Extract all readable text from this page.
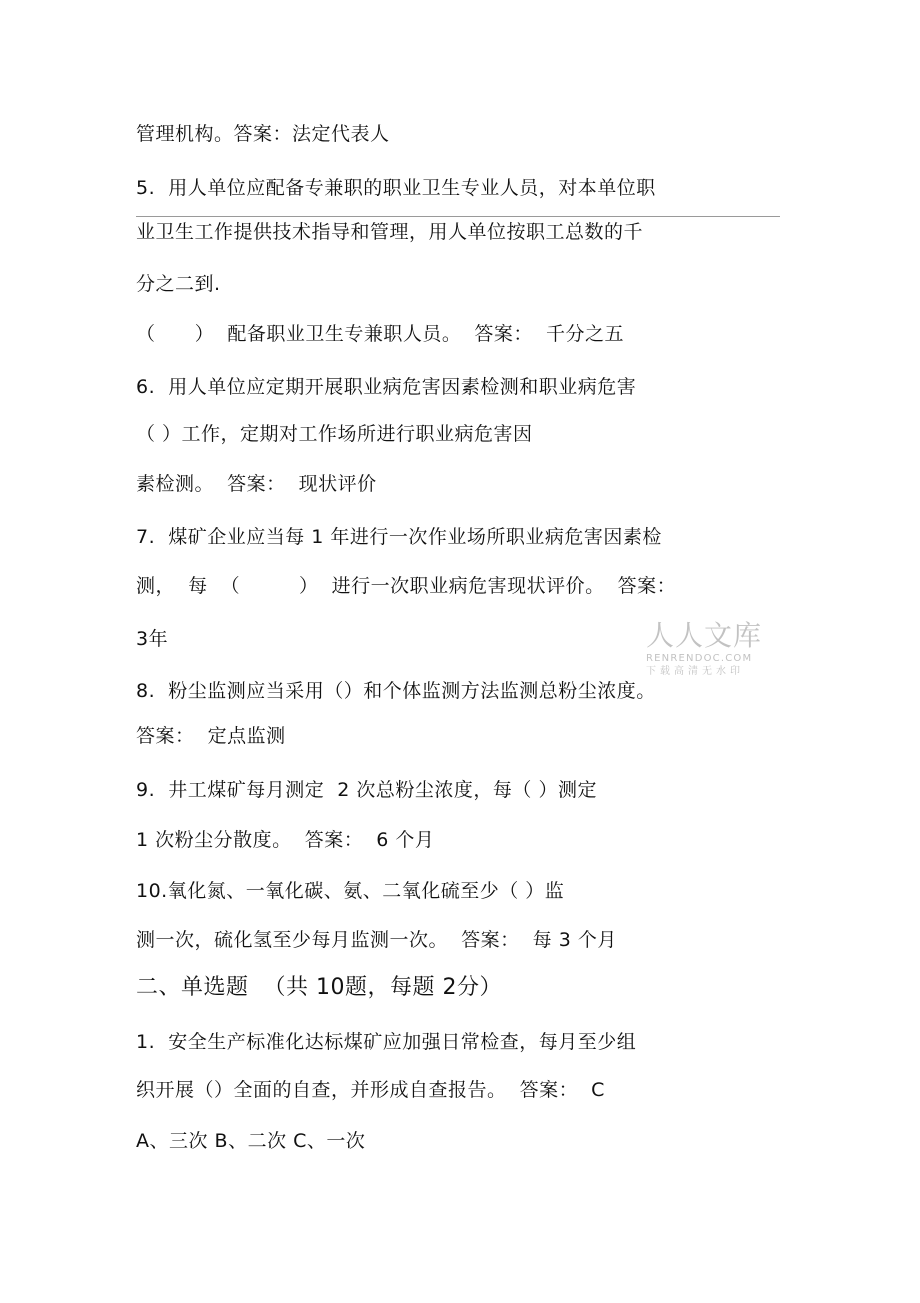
管理机构。答案：法定代表人
5.  用人单位应配备专兼职的职业卫生专业人员，对本单位职
业卫生工作提供技术指导和管理，用人单位按职工总数的千
分之二到.
（      ）  配备职业卫生专兼职人员。  答案：  千分之五
6.  用人单位应定期开展职业病危害因素检测和职业病危害
（ ）工作，定期对工作场所进行职业病危害因
素检测。  答案：  现状评价
7.  煤矿企业应当每 1 年进行一次作业场所职业病危害因素检
测，  每  （         ）  进行一次职业病危害现状评价。  答案：
3年
8.  粉尘监测应当采用（）和个体监测方法监测总粉尘浓度。
答案：  定点监测
9.  井工煤矿每月测定  2 次总粉尘浓度，每（ ）测定
1 次粉尘分散度。  答案：  6 个月
10.氧化氮、一氧化碳、氨、二氧化硫至少（ ）监
测一次，硫化氢至少每月监测一次。  答案：  每 3 个月
二、单选题  （共 10题，每题 2分）
1.  安全生产标准化达标煤矿应加强日常检查，每月至少组
织开展（）全面的自查，并形成自查报告。  答案：  C
A、三次 B、二次 C、一次
人人文库
RENRENDOC.COM
下载高清无水印
